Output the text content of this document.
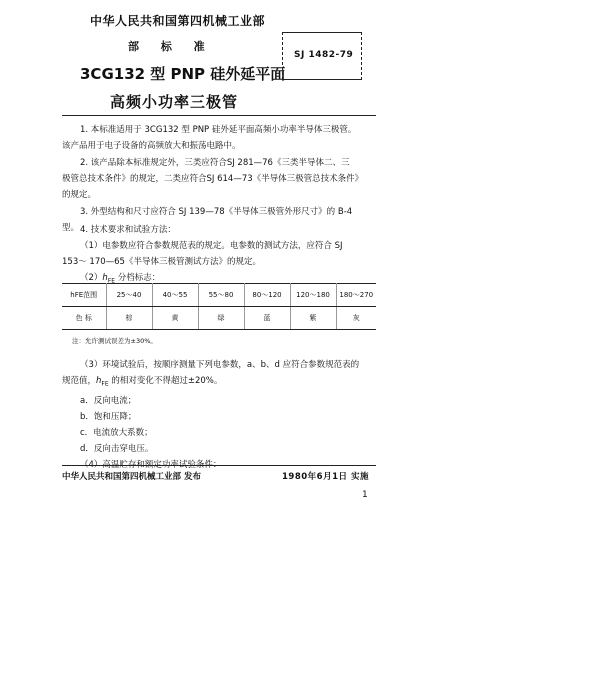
中华人民共和国第四机械工业部
部 标 准
3CG132 型 PNP 硅外延平面
高频小功率三极管
SJ 1482-79
1. 本标准适用于 3CG132 型 PNP 硅外延平面高频小功率半导体三极管。
该产品用于电子设备的高频放大和振荡电路中。
2. 该产品除本标准规定外，三类应符合SJ 281—76《三类半导体二、三
极管总技术条件》的规定，二类应符合SJ 614—73《半导体三极管总技术条件》
的规定。
3. 外型结构和尺寸应符合 SJ 139—78《半导体三极管外形尺寸》的 B-4
型。 4. 技术要求和试验方法：
（1）电参数应符合参数规范表的规定。电参数的测试方法，应符合 SJ
153～ 170—65《半导体三极管测试方法》的规定。
$(2)h_{FE}$ 分档标志：
hFE范围	25～40	40～55	55～80	80～120	120～180	180～270
色 标	棕	黄	绿	蓝	紫	灰
注：允许测试误差为±30%。
（3）环境试验后，按顺序测量下列电参数，a、b、d 应符合参数规范表的
规范值，$h_{FE}$ 的相对变化不得超过±20%。
a．反向电流；
b．饱和压降；
c．电流放大系数；
d．反向击穿电压。
（4）高温贮存和额定功率试验条件：
中华人民共和国第四机械工业部 发布	1980年6月1日 实施
1
